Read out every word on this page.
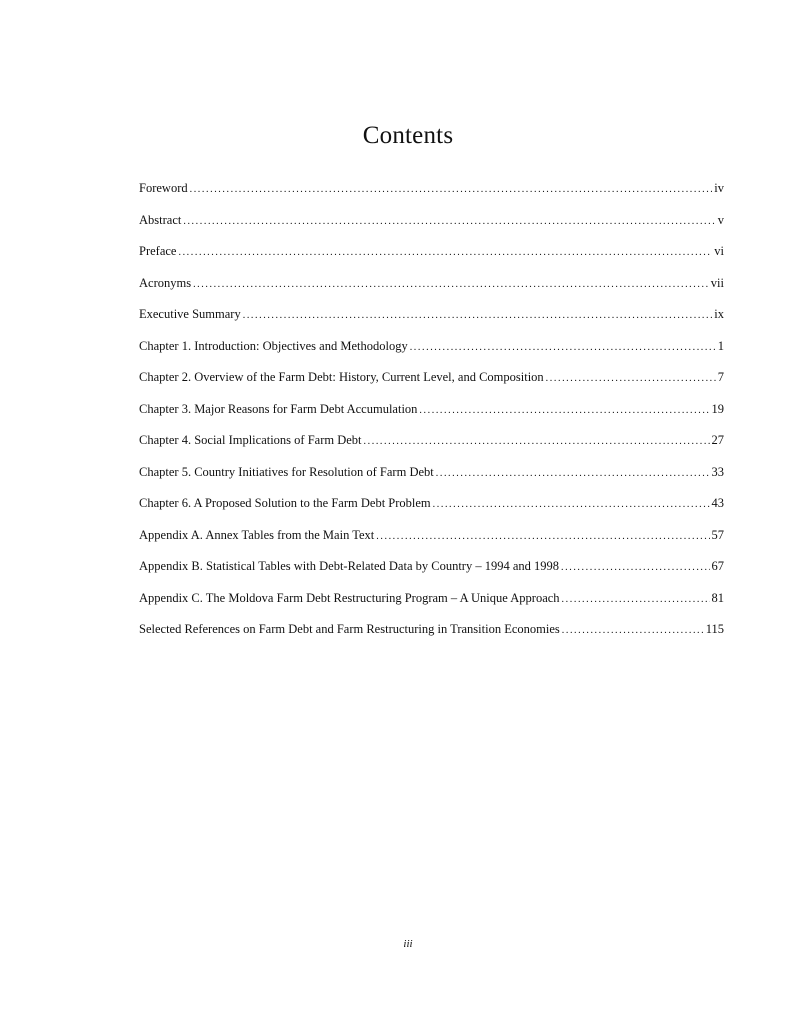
Contents
Foreword .....	iv
Abstract .....	v
Preface .....	vi
Acronyms .....	vii
Executive Summary .....	ix
Chapter 1. Introduction: Objectives and Methodology .....	1
Chapter 2. Overview of the Farm Debt: History, Current Level, and Composition .....	7
Chapter 3. Major Reasons for Farm Debt Accumulation .....	19
Chapter 4. Social Implications of Farm Debt .....	27
Chapter 5. Country Initiatives for Resolution of Farm Debt .....	33
Chapter 6. A Proposed Solution to the Farm Debt Problem .....	43
Appendix A. Annex Tables from the Main Text .....	57
Appendix B. Statistical Tables with Debt-Related Data by Country – 1994 and 1998 .....	67
Appendix C. The Moldova Farm Debt Restructuring Program – A Unique Approach .....	81
Selected References on Farm Debt and Farm Restructuring in Transition Economies .....	115
iii
